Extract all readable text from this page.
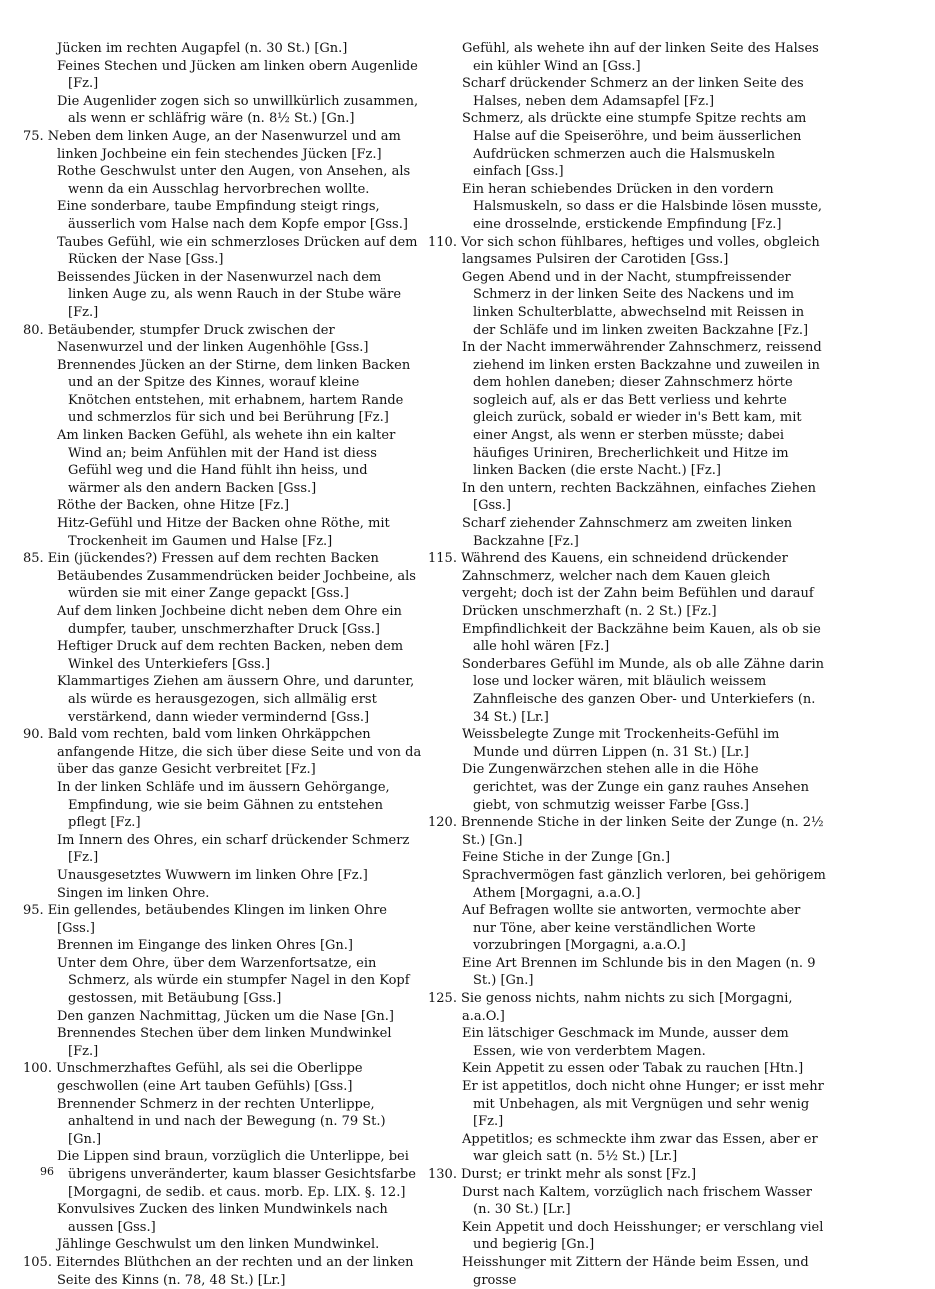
Jücken im rechten Augapfel (n. 30 St.) [Gn.]

Feines Stechen und Jücken am linken obern Augenlide [Fz.]

Die Augenlider zogen sich so unwillkürlich zusammen, als wenn er schläfrig wäre (n. 8½ St.) [Gn.]

75. Neben dem linken Auge, an der Nasenwurzel und am linken Jochbeine ein fein stechendes Jücken [Fz.]

Rothe Geschwulst unter den Augen, von Ansehen, als wenn da ein Ausschlag hervorbrechen wollte.

Eine sonderbare, taube Empfindung steigt rings, äusserlich vom Halse nach dem Kopfe empor [Gss.]

Taubes Gefühl, wie ein schmerzloses Drücken auf dem Rücken der Nase [Gss.]

Beissendes Jücken in der Nasenwurzel nach dem linken Auge zu, als wenn Rauch in der Stube wäre [Fz.]

80. Betäubender, stumpfer Druck zwischen der Nasenwurzel und der linken Augenhöhle [Gss.]

Brennendes Jücken an der Stirne, dem linken Backen und an der Spitze des Kinnes, worauf kleine Knötchen entstehen, mit erhabnem, hartem Rande und schmerzlos für sich und bei Berührung [Fz.]

Am linken Backen Gefühl, als wehete ihn ein kalter Wind an; beim Anfühlen mit der Hand ist diess Gefühl weg und die Hand fühlt ihn heiss, und wärmer als den andern Backen [Gss.]

Röthe der Backen, ohne Hitze [Fz.]

Hitz-Gefühl und Hitze der Backen ohne Röthe, mit Trockenheit im Gaumen und Halse [Fz.]

85. Ein (jückendes?) Fressen auf dem rechten Backen

Betäubendes Zusammendrücken beider Jochbeine, als würden sie mit einer Zange gepackt [Gss.]

Auf dem linken Jochbeine dicht neben dem Ohre ein dumpfer, tauber, unschmerzhafter Druck [Gss.]

Heftiger Druck auf dem rechten Backen, neben dem Winkel des Unterkiefers [Gss.]

Klammartiges Ziehen am äussern Ohre, und darunter, als würde es herausgezogen, sich allmälig erst verstärkend, dann wieder vermindernd [Gss.]

90. Bald vom rechten, bald vom linken Ohrkäppchen anfangende Hitze, die sich über diese Seite und von da über das ganze Gesicht verbreitet [Fz.]

In der linken Schläfe und im äussern Gehörgange, Empfindung, wie sie beim Gähnen zu entstehen pflegt [Fz.]

Im Innern des Ohres, ein scharf drückender Schmerz [Fz.]

Unausgesetztes Wuwwern im linken Ohre [Fz.]

Singen im linken Ohre.

95. Ein gellendes, betäubendes Klingen im linken Ohre [Gss.]

Brennen im Eingange des linken Ohres [Gn.]

Unter dem Ohre, über dem Warzenfortsatze, ein Schmerz, als würde ein stumpfer Nagel in den Kopf gestossen, mit Betäubung [Gss.]

Den ganzen Nachmittag, Jücken um die Nase [Gn.]

Brennendes Stechen über dem linken Mundwinkel [Fz.]

100. Unschmerzhaftes Gefühl, als sei die Oberlippe geschwollen (eine Art tauben Gefühls) [Gss.]

Brennender Schmerz in der rechten Unterlippe, anhaltend in und nach der Bewegung (n. 79 St.) [Gn.]

Die Lippen sind braun, vorzüglich die Unterlippe, bei übrigens unveränderter, kaum blasser Gesichtsfarbe [Morgagni, de sedib. et caus. morb. Ep. LIX. §. 12.]

Konvulsives Zucken des linken Mundwinkels nach aussen [Gss.]

Jählinge Geschwulst um den linken Mundwinkel.

105. Eiterndes Blüthchen an der rechten und an der linken Seite des Kinns (n. 78, 48 St.) [Lr.]

Gefühl, als wehete ihn auf der linken Seite des Halses ein kühler Wind an [Gss.]

Scharf drückender Schmerz an der linken Seite des Halses, neben dem Adamsapfel [Fz.]

Schmerz, als drückte eine stumpfe Spitze rechts am Halse auf die Speiseröhre, und beim äusserlichen Aufdrücken schmerzen auch die Halsmuskeln einfach [Gss.]

Ein heran schiebendes Drücken in den vordern Halsmuskeln, so dass er die Halsbinde lösen musste, eine drosselnde, erstickende Empfindung [Fz.]

110. Vor sich schon fühlbares, heftiges und volles, obgleich langsames Pulsiren der Carotiden [Gss.]

Gegen Abend und in der Nacht, stumpfreissender Schmerz in der linken Seite des Nackens und im linken Schulterblatte, abwechselnd mit Reissen in der Schläfe und im linken zweiten Backzahne [Fz.]

In der Nacht immerwährender Zahnschmerz, reissend ziehend im linken ersten Backzahne und zuweilen in dem hohlen daneben; dieser Zahnschmerz hörte sogleich auf, als er das Bett verliess und kehrte gleich zurück, sobald er wieder in's Bett kam, mit einer Angst, als wenn er sterben müsste; dabei häufiges Uriniren, Brecherlichkeit und Hitze im linken Backen (die erste Nacht.) [Fz.]

In den untern, rechten Backzähnen, einfaches Ziehen [Gss.]

Scharf ziehender Zahnschmerz am zweiten linken Backzahne [Fz.]

115. Während des Kauens, ein schneidend drückender Zahnschmerz, welcher nach dem Kauen gleich vergeht; doch ist der Zahn beim Befühlen und darauf Drücken unschmerzhaft (n. 2 St.) [Fz.]

Empfindlichkeit der Backzähne beim Kauen, als ob sie alle hohl wären [Fz.]

Sonderbares Gefühl im Munde, als ob alle Zähne darin lose und locker wären, mit bläulich weissem Zahnfleische des ganzen Ober- und Unterkiefers (n. 34 St.) [Lr.]

Weissbelegte Zunge mit Trockenheits-Gefühl im Munde und dürren Lippen (n. 31 St.) [Lr.]

Die Zungenwärzchen stehen alle in die Höhe gerichtet, was der Zunge ein ganz rauhes Ansehen giebt, von schmutzig weisser Farbe [Gss.]

120. Brennende Stiche in der linken Seite der Zunge (n. 2½ St.) [Gn.]

Feine Stiche in der Zunge [Gn.]

Sprachvermögen fast gänzlich verloren, bei gehörigem Athem [Morgagni, a.a.O.]

Auf Befragen wollte sie antworten, vermochte aber nur Töne, aber keine verständlichen Worte vorzubringen [Morgagni, a.a.O.]

Eine Art Brennen im Schlunde bis in den Magen (n. 9 St.) [Gn.]

125. Sie genoss nichts, nahm nichts zu sich [Morgagni, a.a.O.]

Ein lätschiger Geschmack im Munde, ausser dem Essen, wie von verderbtem Magen.

Kein Appetit zu essen oder Tabak zu rauchen [Htn.]

Er ist appetitlos, doch nicht ohne Hunger; er isst mehr mit Unbehagen, als mit Vergnügen und sehr wenig [Fz.]

Appetitlos; es schmeckte ihm zwar das Essen, aber er war gleich satt (n. 5½ St.) [Lr.]

130. Durst; er trinkt mehr als sonst [Fz.]

Durst nach Kaltem, vorzüglich nach frischem Wasser (n. 30 St.) [Lr.]

Kein Appetit und doch Heisshunger; er verschlang viel und begierig [Gn.]

Heisshunger mit Zittern der Hände beim Essen, und grosse

96
